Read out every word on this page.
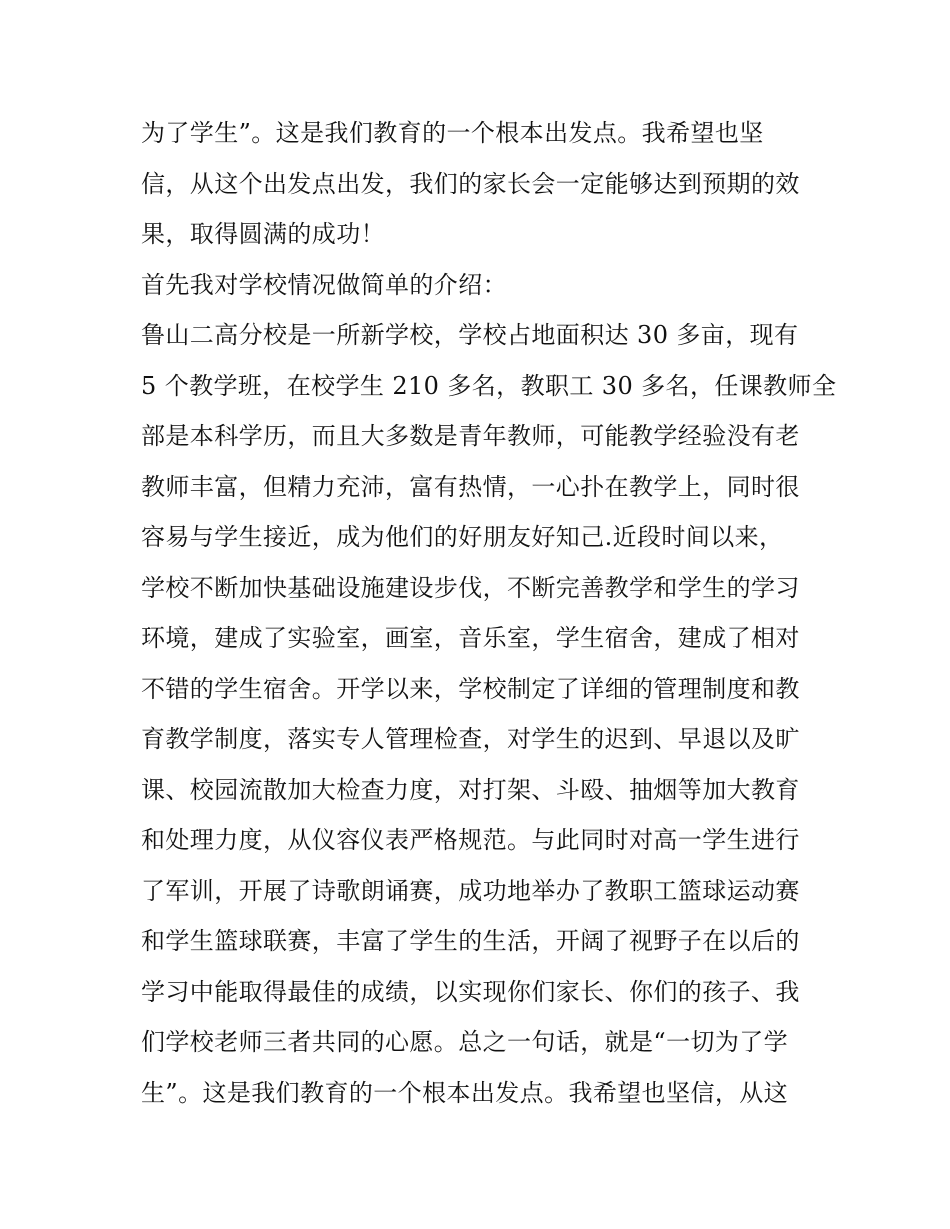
为了学生”。这是我们教育的一个根本出发点。我希望也坚
信，从这个出发点出发，我们的家长会一定能够达到预期的效
果，取得圆满的成功！
首先我对学校情况做简单的介绍：
鲁山二高分校是一所新学校，学校占地面积达 30 多亩，现有
5 个教学班，在校学生 210 多名，教职工 30 多名，任课教师全
部是本科学历，而且大多数是青年教师，可能教学经验没有老
教师丰富，但精力充沛，富有热情，一心扑在教学上，同时很
容易与学生接近，成为他们的好朋友好知己.近段时间以来，
学校不断加快基础设施建设步伐，不断完善教学和学生的学习
环境，建成了实验室，画室，音乐室，学生宿舍，建成了相对
不错的学生宿舍。开学以来，学校制定了详细的管理制度和教
育教学制度，落实专人管理检查，对学生的迟到、早退以及旷
课、校园流散加大检查力度，对打架、斗殴、抽烟等加大教育
和处理力度，从仪容仪表严格规范。与此同时对高一学生进行
了军训，开展了诗歌朗诵赛，成功地举办了教职工篮球运动赛
和学生篮球联赛，丰富了学生的生活，开阔了视野子在以后的
学习中能取得最佳的成绩，以实现你们家长、你们的孩子、我
们学校老师三者共同的心愿。总之一句话，就是“一切为了学
生”。这是我们教育的一个根本出发点。我希望也坚信，从这
